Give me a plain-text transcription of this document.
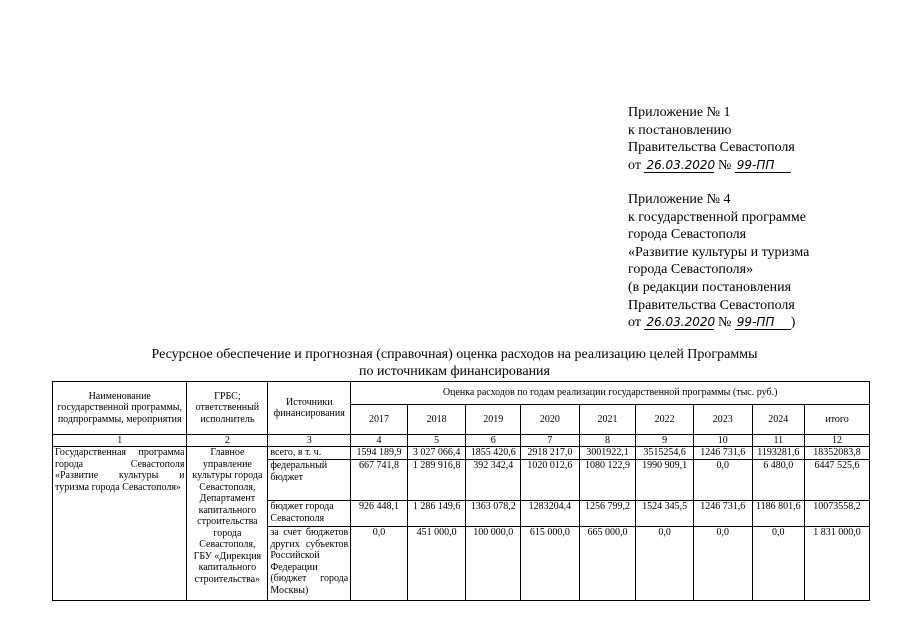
Приложение № 1
к постановлению
Правительства Севастополя
от 26.03.2020 № 99-ПП
Приложение № 4
к государственной программе
города Севастополя
«Развитие культуры и туризма
города Севастополя»
(в редакции постановления
Правительства Севастополя
от 26.03.2020 № 99-ПП )
Ресурсное обеспечение и прогнозная (справочная) оценка расходов на реализацию целей Программы
по источникам финансирования
Наименование государственной программы, подпрограммы, мероприятия	ГРБС; ответственный исполнитель	Источники финансирования	Оценка расходов по годам реализации государственной программы (тыс. руб.)								
			2017	2018	2019	2020	2021	2022	2023	2024	итого
1	2	3	4	5	6	7	8	9	10	11	12
Государственная программа города Севастополя «Развитие культуры и туризма города Севастополя»	Главное управление культуры города Севастополя, Департамент капитального строительства города Севастополя, ГБУ «Дирекция капитального строительства»	всего, в т. ч.	1594 189,9	3 027 066,4	1855 420,6	2918 217,0	3001922,1	3515254,6	1246 731,6	1193281,6	18352083,8
		федеральный бюджет	667 741,8	1 289 916,8	392 342,4	1020 012,6	1080 122,9	1990 909,1	0,0	6 480,0	6447 525,6
		бюджет города Севастополя	926 448,1	1 286 149,6	1363 078,2	1283204,4	1256 799,2	1524 345,5	1246 731,6	1186 801,6	10073558,2
		за счет бюджетов других субъектов Российской Федерации (бюджет города Москвы)	0,0	451 000,0	100 000,0	615 000,0	665 000,0	0,0	0,0	0,0	1 831 000,0
